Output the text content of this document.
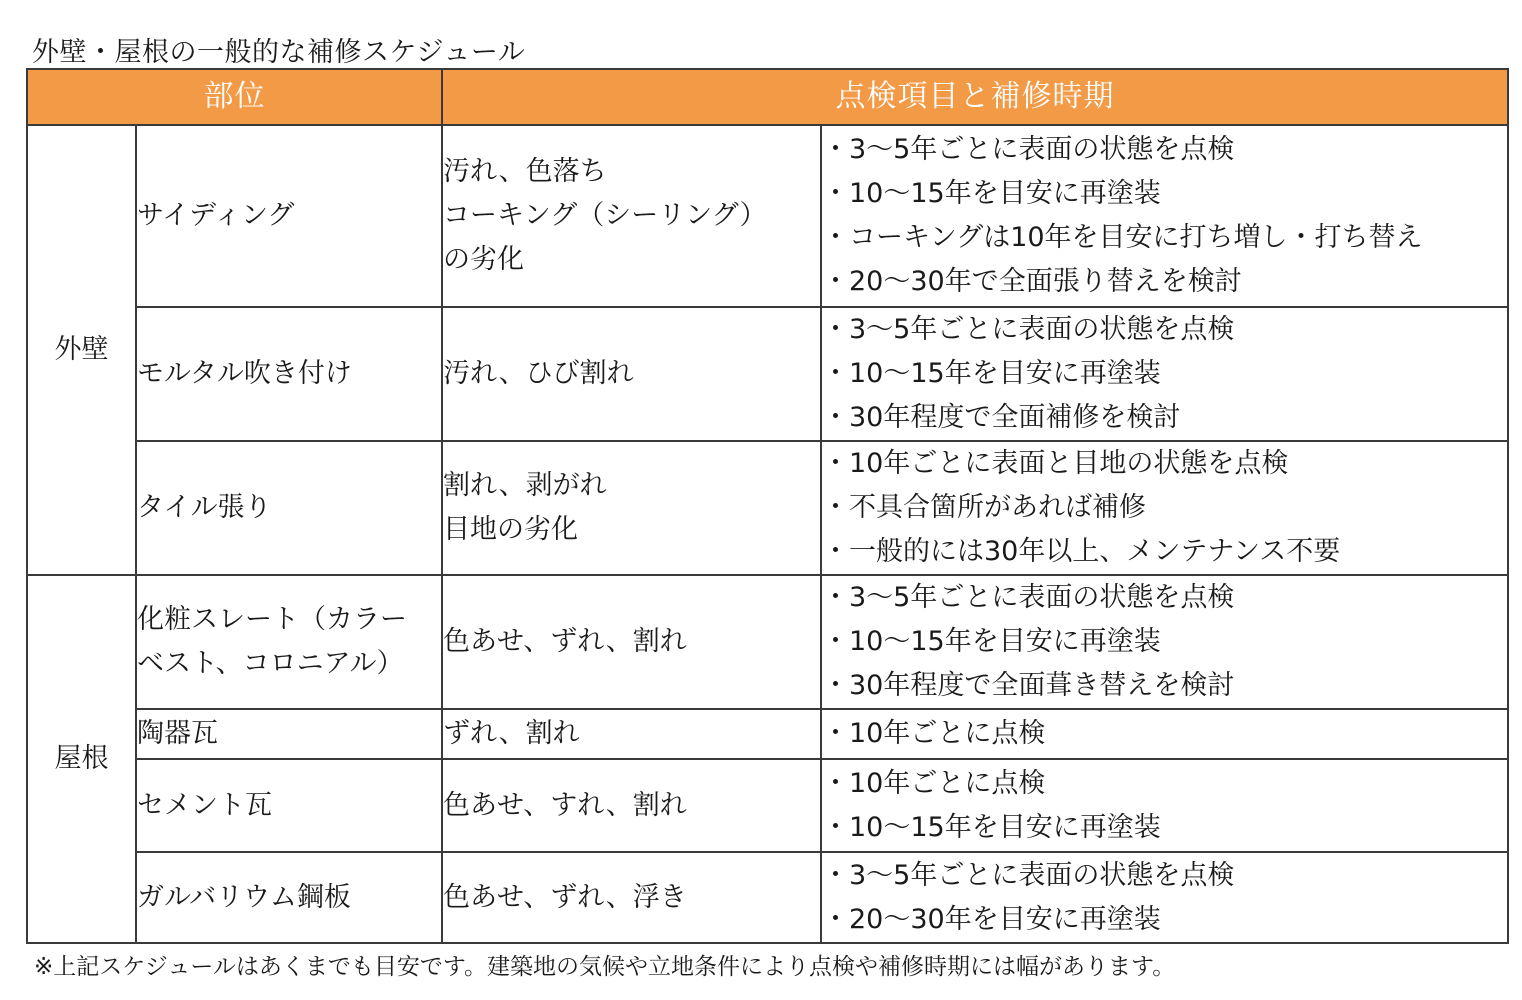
外壁・屋根の一般的な補修スケジュール
部位		点検項目と補修時期	
外壁	サイディング	汚れ、色落ち
コーキング（シーリング）
の劣化	・3〜5年ごとに表面の状態を点検
・10〜15年を目安に再塗装
・コーキングは10年を目安に打ち増し・打ち替え
・20〜30年で全面張り替えを検討

	モルタル吹き付け	汚れ、ひび割れ	・3〜5年ごとに表面の状態を点検
・10〜15年を目安に再塗装
・30年程度で全面補修を検討

	タイル張り	割れ、剥がれ
目地の劣化	・10年ごとに表面と目地の状態を点検
・不具合箇所があれば補修
・一般的には30年以上、メンテナンス不要

屋根	化粧スレート（カラー
ベスト、コロニアル）	色あせ、ずれ、割れ	・3〜5年ごとに表面の状態を点検
・10〜15年を目安に再塗装
・30年程度で全面葺き替えを検討

	陶器瓦	ずれ、割れ	・10年ごとに点検

	セメント瓦	色あせ、すれ、割れ	・10年ごとに点検
・10〜15年を目安に再塗装

	ガルバリウム鋼板	色あせ、ずれ、浮き	・3〜5年ごとに表面の状態を点検
・20〜30年を目安に再塗装
※上記スケジュールはあくまでも目安です。建築地の気候や立地条件により点検や補修時期には幅があります。
